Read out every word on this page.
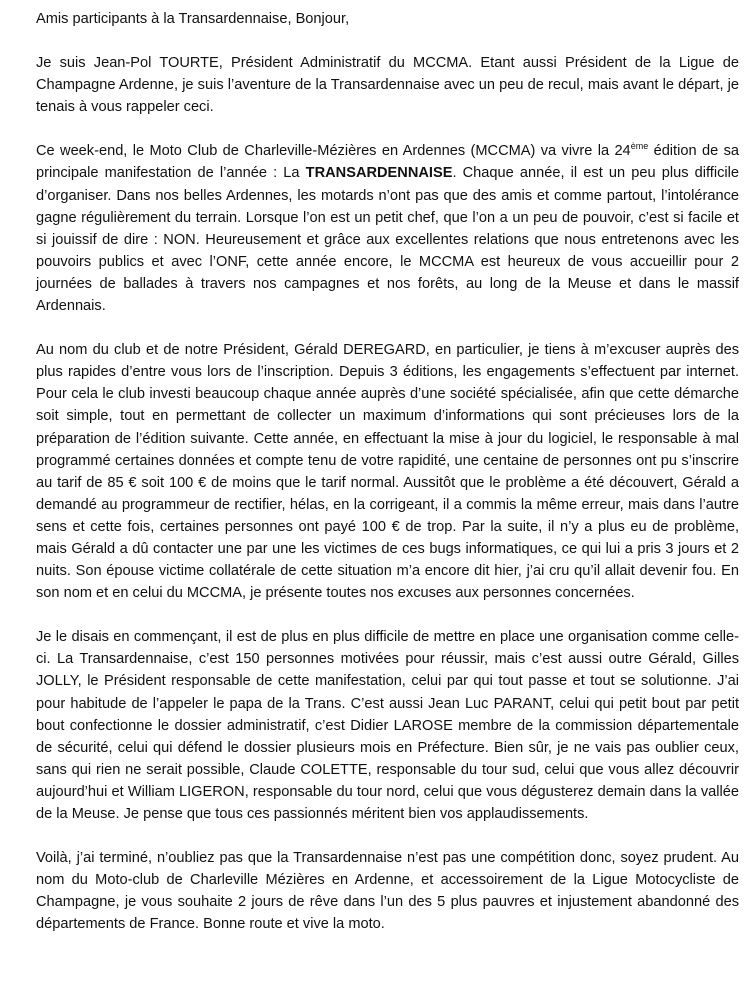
Amis participants à la Transardennaise, Bonjour,

Je suis Jean-Pol TOURTE, Président Administratif du MCCMA. Etant aussi Président de la Ligue de Champagne Ardenne, je suis l’aventure de la Transardennaise avec un peu de recul, mais avant le départ, je tenais à vous rappeler ceci.

Ce week-end, le Moto Club de Charleville-Mézières en Ardennes (MCCMA) va vivre la 24ème édition de sa principale manifestation de l’année : La TRANSARDENNAISE. Chaque année, il est un peu plus difficile d’organiser. Dans nos belles Ardennes, les motards n’ont pas que des amis et comme partout, l’intolérance gagne régulièrement du terrain. Lorsque l’on est un petit chef, que l’on a un peu de pouvoir, c’est si facile et si jouissif de dire : NON. Heureusement et grâce aux excellentes relations que nous entretenons avec les pouvoirs publics et avec l’ONF, cette année encore, le MCCMA est heureux de vous accueillir pour 2 journées de ballades à travers nos campagnes et nos forêts, au long de la Meuse et dans le massif Ardennais.

Au nom du club et de notre Président, Gérald DEREGARD, en particulier, je tiens à m’excuser auprès des plus rapides d’entre vous lors de l’inscription. Depuis 3 éditions, les engagements s’effectuent par internet. Pour cela le club investi beaucoup chaque année auprès d’une société spécialisée, afin que cette démarche soit simple, tout en permettant de collecter un maximum d’informations qui sont précieuses lors de la préparation de l’édition suivante. Cette année, en effectuant la mise à jour du logiciel, le responsable à mal programmé certaines données et compte tenu de votre rapidité, une centaine de personnes ont pu s’inscrire au tarif de 85 € soit 100 € de moins que le tarif normal. Aussitôt que le problème a été découvert, Gérald a demandé au programmeur de rectifier, hélas, en la corrigeant, il a commis la même erreur, mais dans l’autre sens et cette fois, certaines personnes ont payé 100 € de trop. Par la suite, il n’y a plus eu de problème, mais Gérald a dû contacter une par une les victimes de ces bugs informatiques, ce qui lui a pris 3 jours et 2 nuits. Son épouse victime collatérale de cette situation m’a encore dit hier, j’ai cru qu’il allait devenir fou. En son nom et en celui du MCCMA, je présente toutes nos excuses aux personnes concernées.

Je le disais en commençant, il est de plus en plus difficile de mettre en place une organisation comme celle-ci. La Transardennaise, c’est 150 personnes motivées pour réussir, mais c’est aussi outre Gérald, Gilles JOLLY, le Président responsable de cette manifestation, celui par qui tout passe et tout se solutionne. J’ai pour habitude de l’appeler le papa de la Trans. C’est aussi Jean Luc PARANT, celui qui petit bout par petit bout confectionne le dossier administratif, c’est Didier LAROSE membre de la commission départementale de sécurité, celui qui défend le dossier plusieurs mois en Préfecture. Bien sûr, je ne vais pas oublier ceux, sans qui rien ne serait possible, Claude COLETTE, responsable du tour sud, celui que vous allez découvrir aujourd’hui et William LIGERON, responsable du tour nord, celui que vous dégusterez demain dans la vallée de la Meuse. Je pense que tous ces passionnés méritent bien vos applaudissements.

Voilà, j’ai terminé, n’oubliez pas que la Transardennaise n’est pas une compétition donc, soyez prudent. Au nom du Moto-club de Charleville Mézières en Ardenne, et accessoirement de la Ligue Motocycliste de Champagne, je vous souhaite 2 jours de rêve dans l’un des 5 plus pauvres et injustement abandonné des départements de France. Bonne route et vive la moto.
